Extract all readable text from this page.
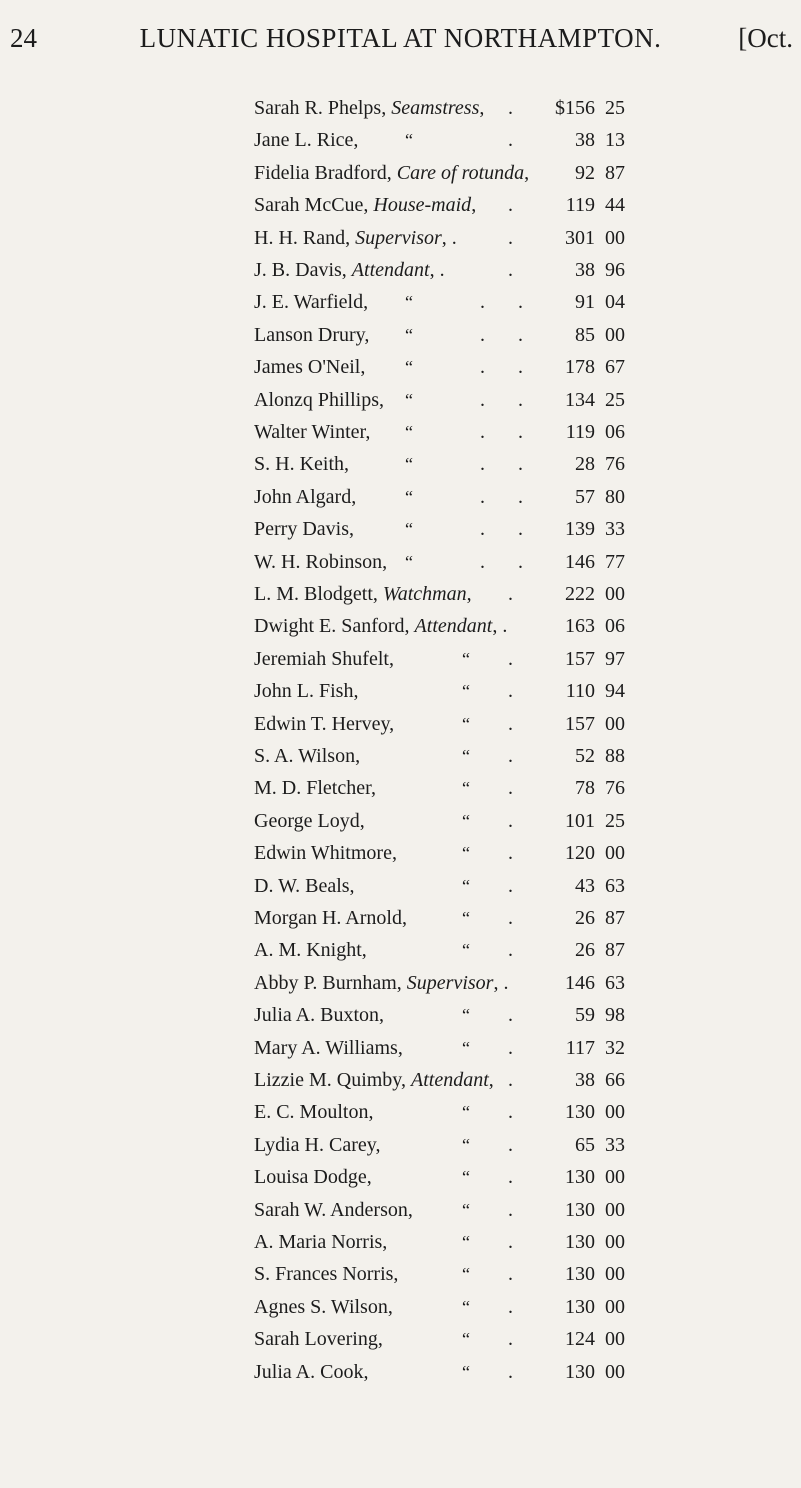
24	LUNATIC HOSPITAL AT NORTHAMPTON.	[Oct.
Sarah R. Phelps, Seamstress, .	$156 25
Jane L. Rice,	“	.	38 13
Fidelia Bradford, Care of rotunda,	92 87
Sarah McCue, House-maid, .	119 44
H. H. Rand, Supervisor, .	.	301 00
J. B. Davis, Attendant, .	.	38 96
J. E. Warfield, “	. .	91 04
Lanson Drury, “	. .	85 00
James O'Neil, “	. .	178 67
Alonzq Phillips, “	. .	134 25
Walter Winter, “	. .	119 06
S. H. Keith,	“	. .	28 76
John Algard,	“	. .	57 80
Perry Davis,	“	. .	139 33
W. H. Robinson, “	. .	146 77
L. M. Blodgett, Watchman, .	222 00
Dwight E. Sanford, Attendant, .	163 06
Jeremiah Shufelt,	“ .	157 97
John L. Fish,	“ .	110 94
Edwin T. Hervey,	“ .	157 00
S. A. Wilson,	“ .	52 88
M. D. Fletcher,	“ .	78 76
George Loyd,	“ .	101 25
Edwin Whitmore,	“ .	120 00
D. W. Beals,	“ .	43 63
Morgan H. Arnold,	“ .	26 87
A. M. Knight,	“ .	26 87
Abby P. Burnham, Supervisor, .	146 63
Julia A. Buxton,	“ .	59 98
Mary A. Williams,	“ .	117 32
Lizzie M. Quimby, Attendant, .	38 66
E. C. Moulton,	“ .	130 00
Lydia H. Carey,	“ .	65 33
Louisa Dodge,	“ .	130 00
Sarah W. Anderson,	“ .	130 00
A. Maria Norris,	“ .	130 00
S. Frances Norris,	“ .	130 00
Agnes S. Wilson,	“ .	130 00
Sarah Lovering,	“ .	124 00
Julia A. Cook,	“ .	130 00
